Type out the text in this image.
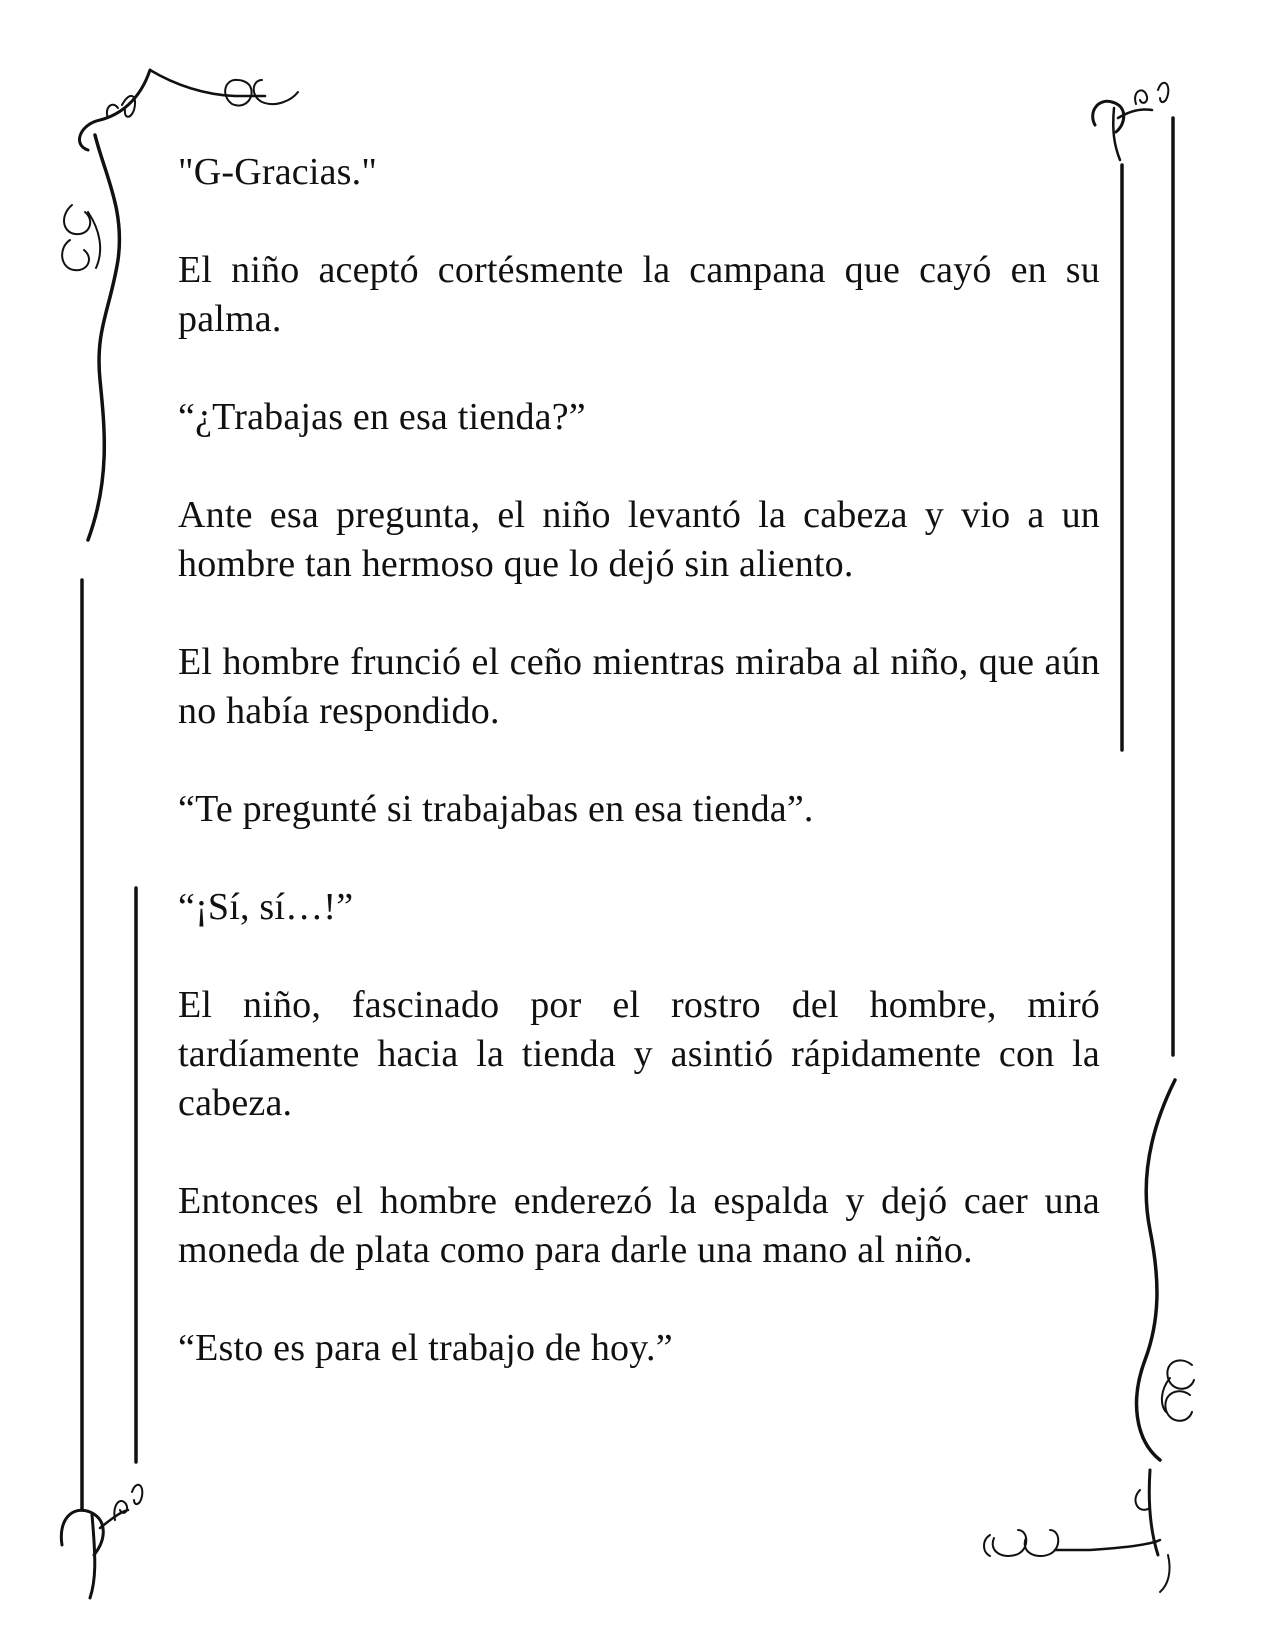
"G-Gracias."

El niño aceptó cortésmente la campana que cayó en su palma.

“¿Trabajas en esa tienda?”

Ante esa pregunta, el niño levantó la cabeza y vio a un hombre tan hermoso que lo dejó sin aliento.

El hombre frunció el ceño mientras miraba al niño, que aún no había respondido.

“Te pregunté si trabajabas en esa tienda”.

“¡Sí, sí…!”

El niño, fascinado por el rostro del hombre, miró tardíamente hacia la tienda y asintió rápidamente con la cabeza.

Entonces el hombre enderezó la espalda y dejó caer una moneda de plata como para darle una mano al niño.

“Esto es para el trabajo de hoy.”
